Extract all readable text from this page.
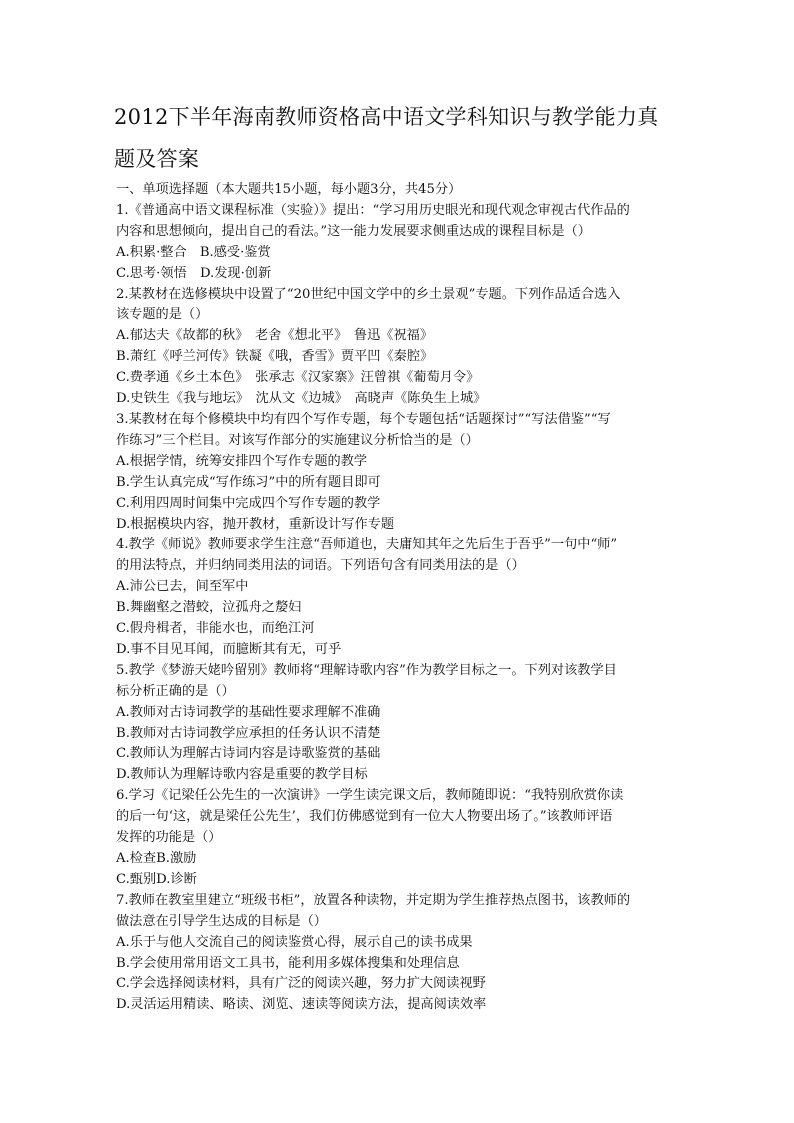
2012下半年海南教师资格高中语文学科知识与教学能力真
题及答案
一、单项选择题（本大题共15小题，每小题3分，共45分）
1.《普通高中语文课程标准（实验）》提出：“学习用历史眼光和现代观念审视古代作品的
内容和思想倾向，提出自己的看法。”这一能力发展要求侧重达成的课程目标是（）
A.积累·整合　B.感受·鉴赏
C.思考·领悟　D.发现·创新
2.某教材在选修模块中设置了“20世纪中国文学中的乡土景观”专题。下列作品适合选入
该专题的是（）
A.郁达夫《故都的秋》　老舍《想北平》　鲁迅《祝福》
B.萧红《呼兰河传》铁凝《哦，香雪》贾平凹《秦腔》
C.费孝通《乡土本色》　张承志《汉家寨》汪曾祺《葡萄月令》
D.史铁生《我与地坛》　沈从文《边城》　高晓声《陈奂生上城》
3.某教材在每个修模块中均有四个写作专题，每个专题包括“话题探讨”“写法借鉴”“写
作练习”三个栏目。对该写作部分的实施建议分析恰当的是（）
A.根据学情，统筹安排四个写作专题的教学
B.学生认真完成“写作练习”中的所有题目即可
C.利用四周时间集中完成四个写作专题的教学
D.根据模块内容，抛开教材，重新设计写作专题
4.教学《师说》教师要求学生注意“吾师道也，夫庸知其年之先后生于吾乎”一句中“师”
的用法特点，并归纳同类用法的词语。下列语句含有同类用法的是（）
A.沛公已去，间至军中
B.舞幽壑之潜蛟，泣孤舟之嫠妇
C.假舟楫者，非能水也，而绝江河
D.事不目见耳闻，而臆断其有无，可乎
5.教学《梦游天姥吟留别》教师将“理解诗歌内容”作为教学目标之一。下列对该教学目
标分析正确的是（）
A.教师对古诗词教学的基础性要求理解不准确
B.教师对古诗词教学应承担的任务认识不清楚
C.教师认为理解古诗词内容是诗歌鉴赏的基础
D.教师认为理解诗歌内容是重要的教学目标
6.学习《记梁任公先生的一次演讲》一学生读完课文后，教师随即说：“我特别欣赏你读
的后一句‘这，就是梁任公先生’，我们仿佛感觉到有一位大人物要出场了。”该教师评语
发挥的功能是（）
A.检查B.激励
C.甄别D.诊断
7.教师在教室里建立“班级书柜”，放置各种读物，并定期为学生推荐热点图书，该教师的
做法意在引导学生达成的目标是（）
A.乐于与他人交流自己的阅读鉴赏心得，展示自己的读书成果
B.学会使用常用语文工具书，能利用多媒体搜集和处理信息
C.学会选择阅读材料，具有广泛的阅读兴趣，努力扩大阅读视野
D.灵活运用精读、略读、浏览、速读等阅读方法，提高阅读效率
